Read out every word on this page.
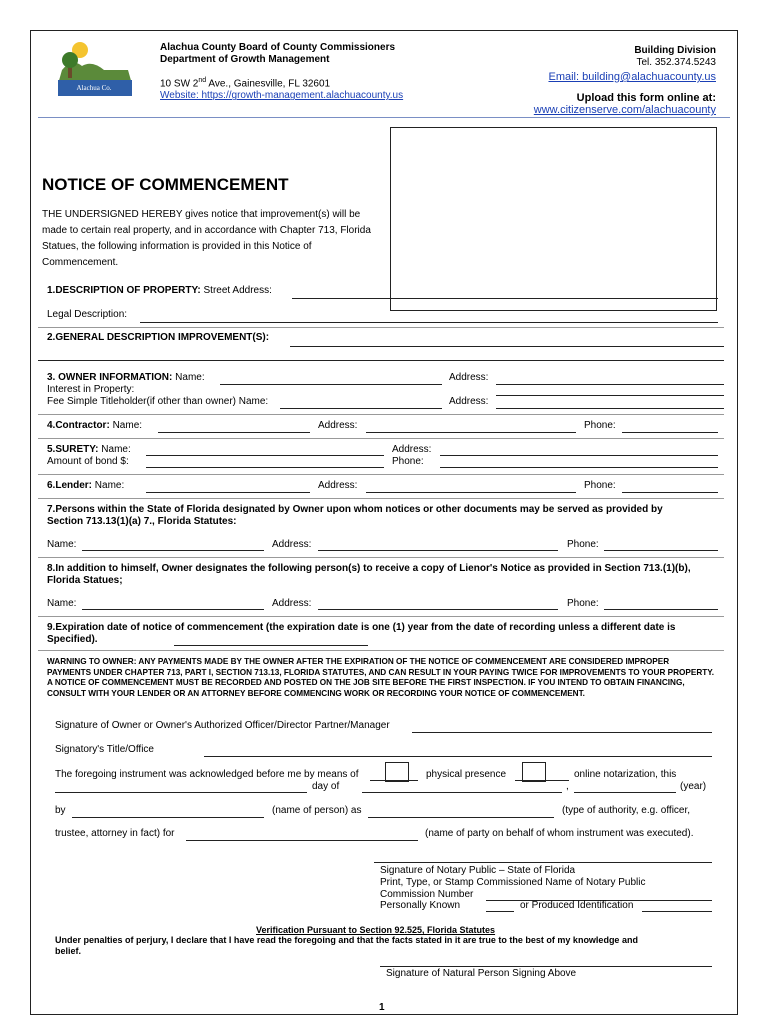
Alachua Co.
Alachua County Board of County Commissioners
Department of Growth Management
10 SW 2nd Ave., Gainesville, FL 32601
Website: https://growth-management.alachuacounty.us
Building Division
Tel. 352.374.5243
Email: building@alachuacounty.us
Upload this form online at:
www.citizenserve.com/alachuacounty
NOTICE OF COMMENCEMENT
THE UNDERSIGNED HEREBY gives notice that improvement(s) will be made to certain real property, and in accordance with Chapter 713, Florida Statues, the following information is provided in this Notice of Commencement.
1.DESCRIPTION OF PROPERTY: Street Address:
Legal Description:
2.GENERAL DESCRIPTION IMPROVEMENT(S):
3. OWNER INFORMATION: Name:	Address:
Interest in Property:
Fee Simple Titleholder(if other than owner) Name:	Address:
4.Contractor: Name:	Address:	Phone:
5.SURETY: Name:	Address:
Amount of bond $:	Phone:
6.Lender: Name:	Address:	Phone:
7.Persons within the State of Florida designated by Owner upon whom notices or other documents may be served as provided by Section 713.13(1)(a) 7., Florida Statutes:
Name:	Address:	Phone:
8.In addition to himself, Owner designates the following person(s) to receive a copy of Lienor's Notice as provided in Section 713.(1)(b), Florida Statues;
Name:	Address:	Phone:
9.Expiration date of notice of commencement (the expiration date is one (1) year from the date of recording unless a different date is Specified).
WARNING TO OWNER: ANY PAYMENTS MADE BY THE OWNER AFTER THE EXPIRATION OF THE NOTICE OF COMMENCEMENT ARE CONSIDERED IMPROPER PAYMENTS UNDER CHAPTER 713, PART I, SECTION 713.13, FLORIDA STATUTES, AND CAN RESULT IN YOUR PAYING TWICE FOR IMPROVEMENTS TO YOUR PROPERTY. A NOTICE OF COMMENCEMENT MUST BE RECORDED AND POSTED ON THE JOB SITE BEFORE THE FIRST INSPECTION. IF YOU INTEND TO OBTAIN FINANCING, CONSULT WITH YOUR LENDER OR AN ATTORNEY BEFORE COMMENCING WORK OR RECORDING YOUR NOTICE OF COMMENCEMENT.
Signature of Owner or Owner's Authorized Officer/Director Partner/Manager
Signatory's Title/Office
The foregoing instrument was acknowledged before me by means of	physical presence	online notarization, this
day of	,	(year)
by	(name of person) as	(type of authority, e.g. officer,
trustee, attorney in fact) for	(name of party on behalf of whom instrument was executed).
Signature of Notary Public – State of Florida
Print, Type, or Stamp Commissioned Name of Notary Public
Commission Number
Personally Known	or Produced Identification
Verification Pursuant to Section 92.525, Florida Statutes
Under penalties of perjury, I declare that I have read the foregoing and that the facts stated in it are true to the best of my knowledge and belief.
Signature of Natural Person Signing Above
1
